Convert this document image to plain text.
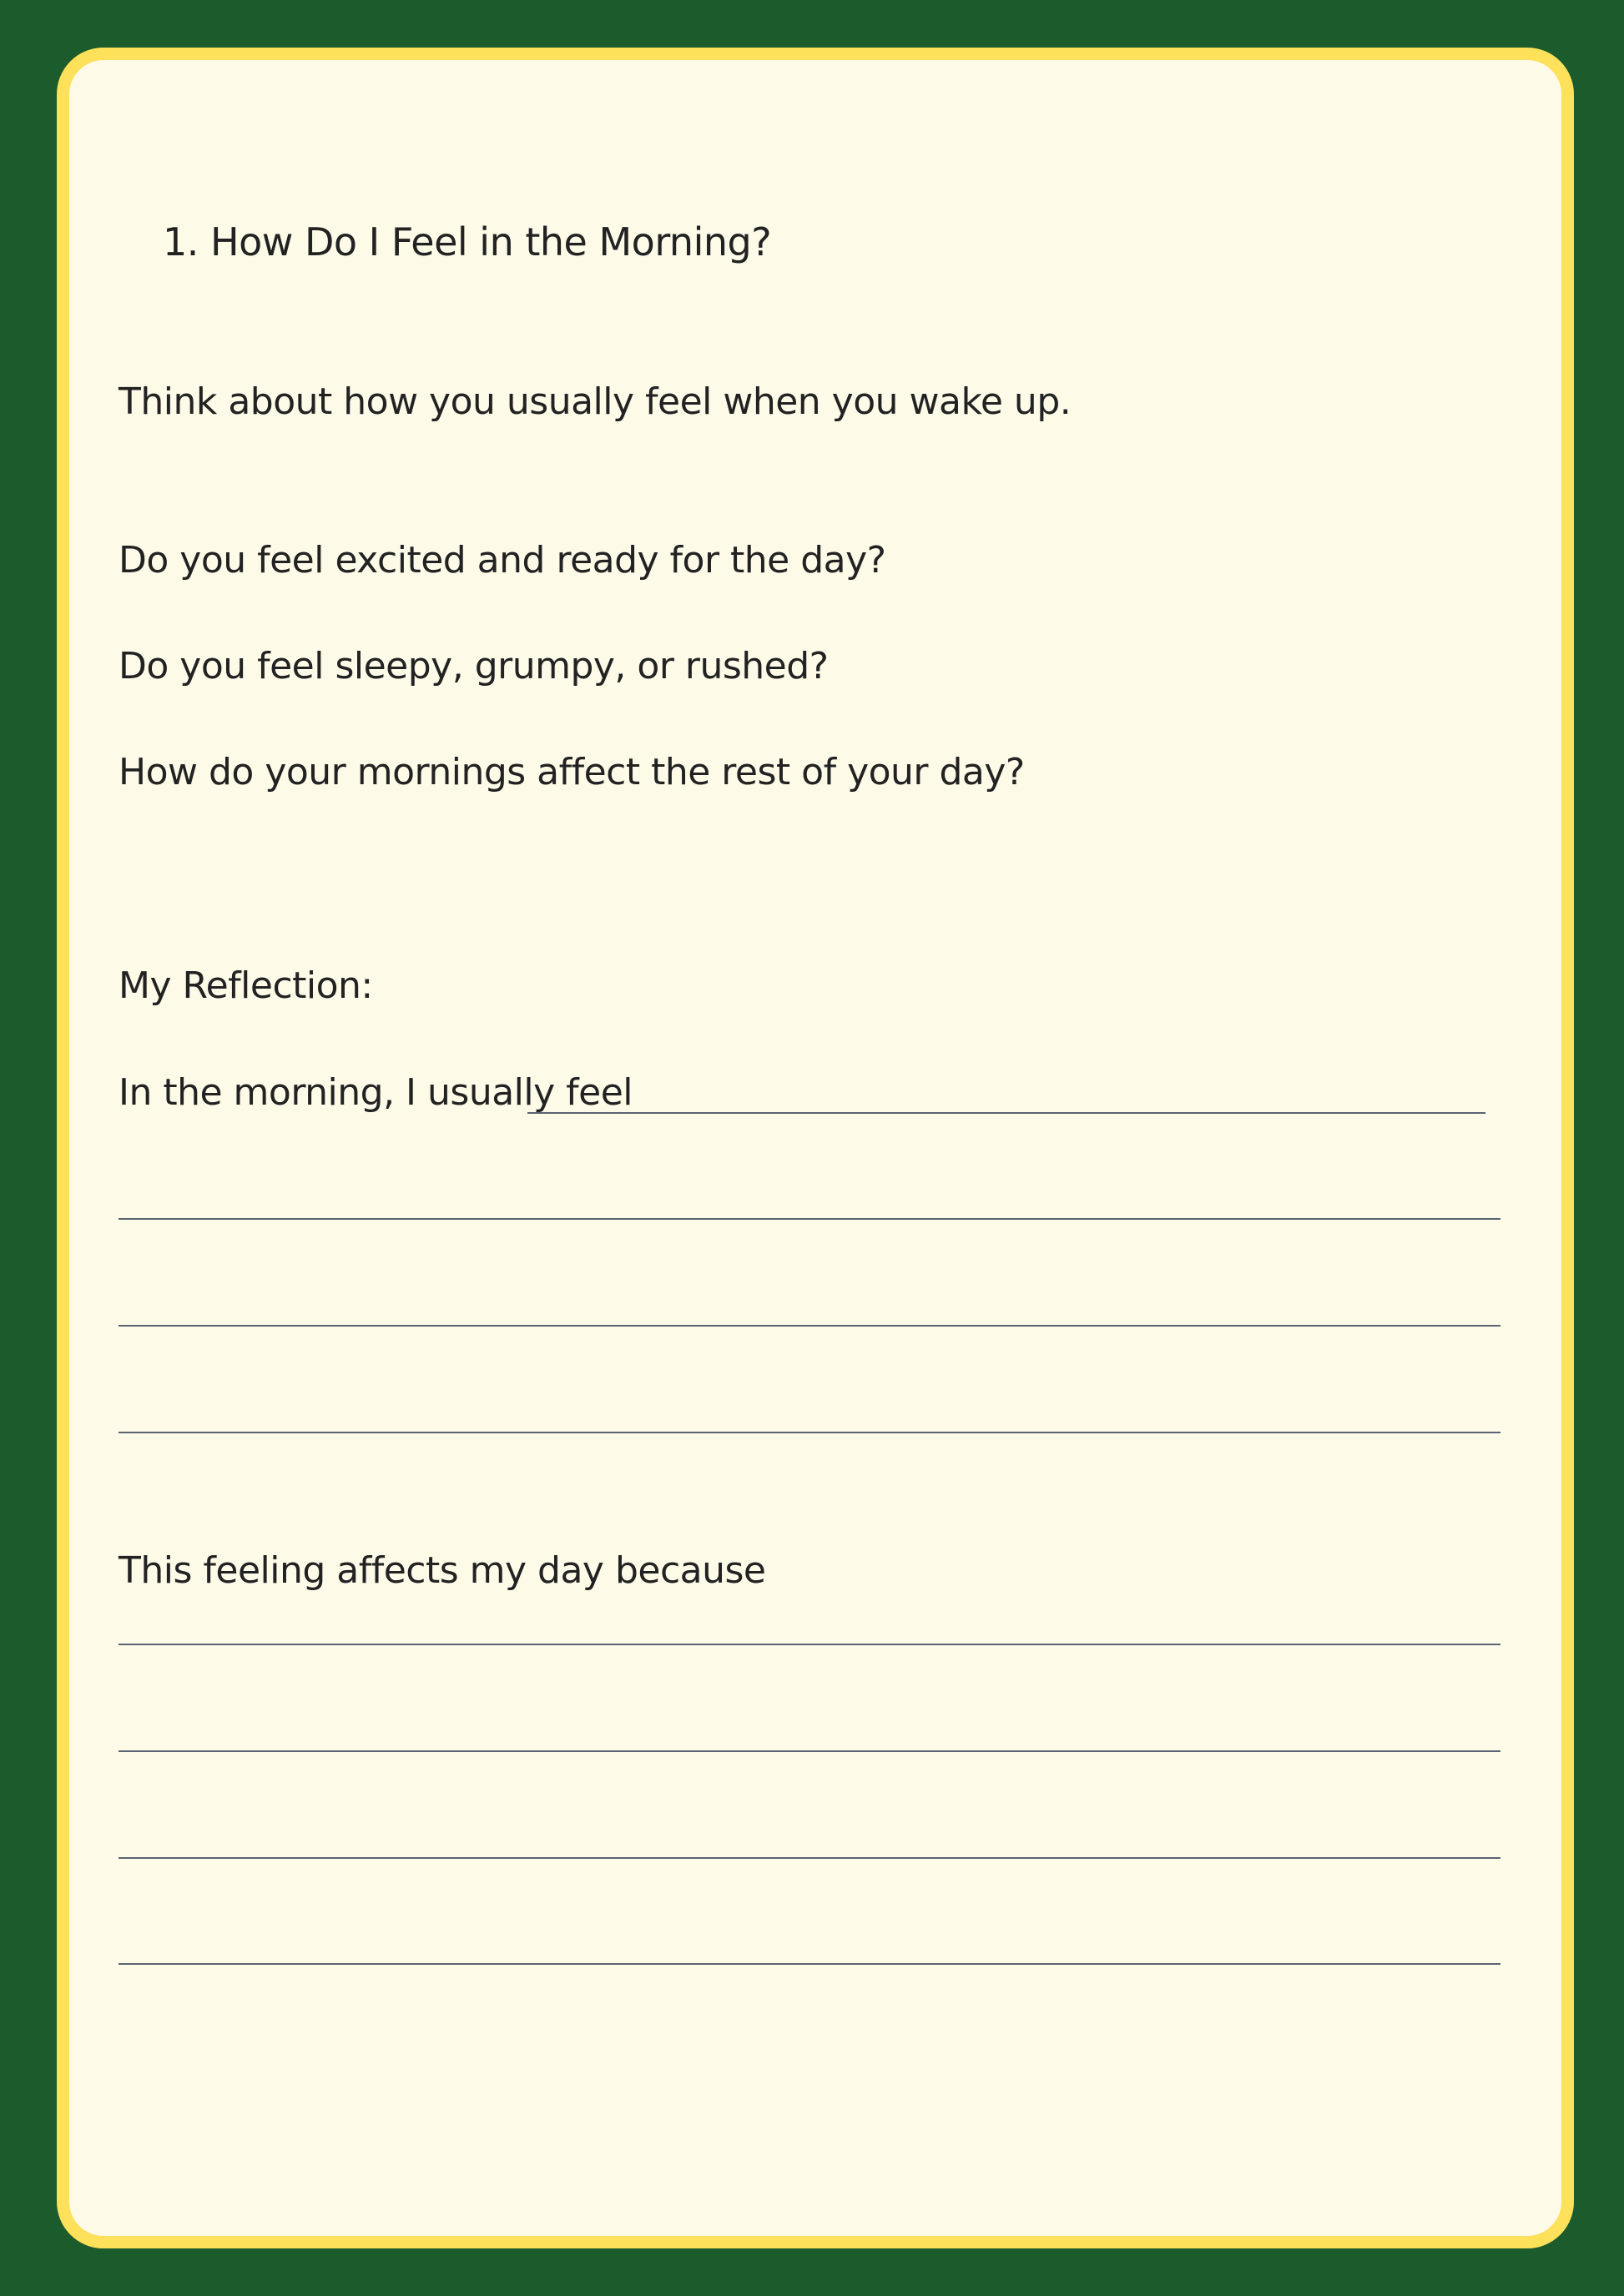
1. How Do I Feel in the Morning?
Think about how you usually feel when you wake up.
Do you feel excited and ready for the day?
Do you feel sleepy, grumpy, or rushed?
How do your mornings affect the rest of your day?
My Reflection:
In the morning, I usually feel
This feeling affects my day because
